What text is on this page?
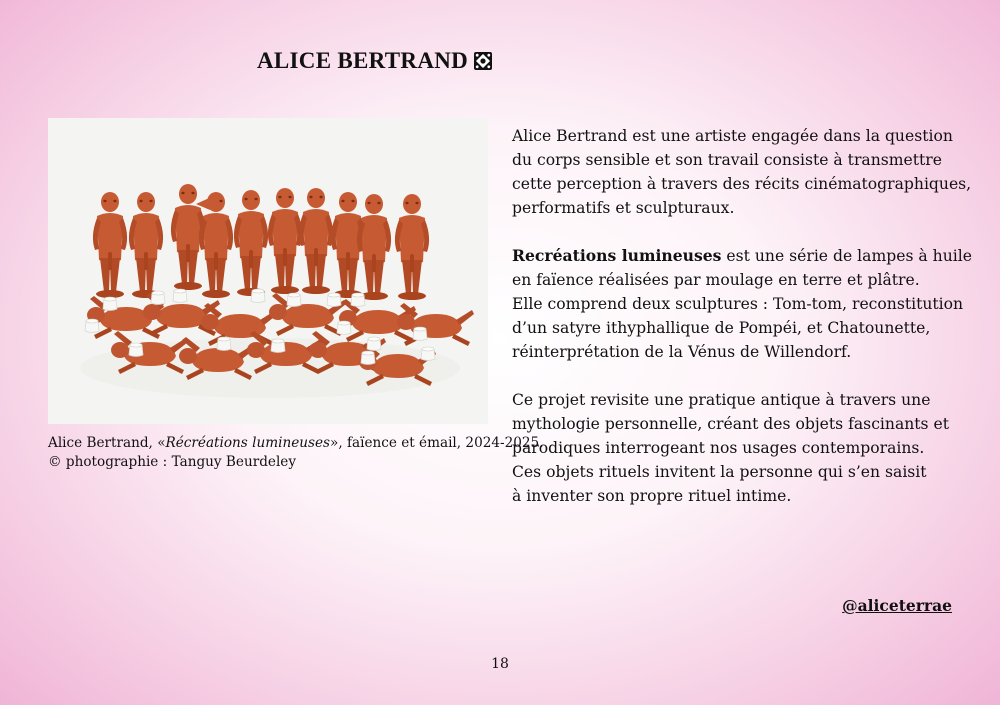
ALICE BERTRAND

Alice Bertrand, «Récréations lumineuses», faïence et émail, 2024-2025.

© photographie : Tanguy Beurdeley

Alice Bertrand est une artiste engagée dans la question

du corps sensible et son travail consiste à transmettre

cette perception à travers des récits cinématographiques,

performatifs et sculpturaux.

Recréations lumineuses est une série de lampes à huile

en faïence réalisées par moulage en terre et plâtre.

Elle comprend deux sculptures : Tom-tom, reconstitution

d’un satyre ithyphallique de Pompéi, et Chatounette,

réinterprétation de la Vénus de Willendorf.

Ce projet revisite une pratique antique à travers une

mythologie personnelle, créant des objets fascinants et

parodiques interrogeant nos usages contemporains.

Ces objets rituels invitent la personne qui s’en saisit

à inventer son propre rituel intime.

@aliceterrae
18
